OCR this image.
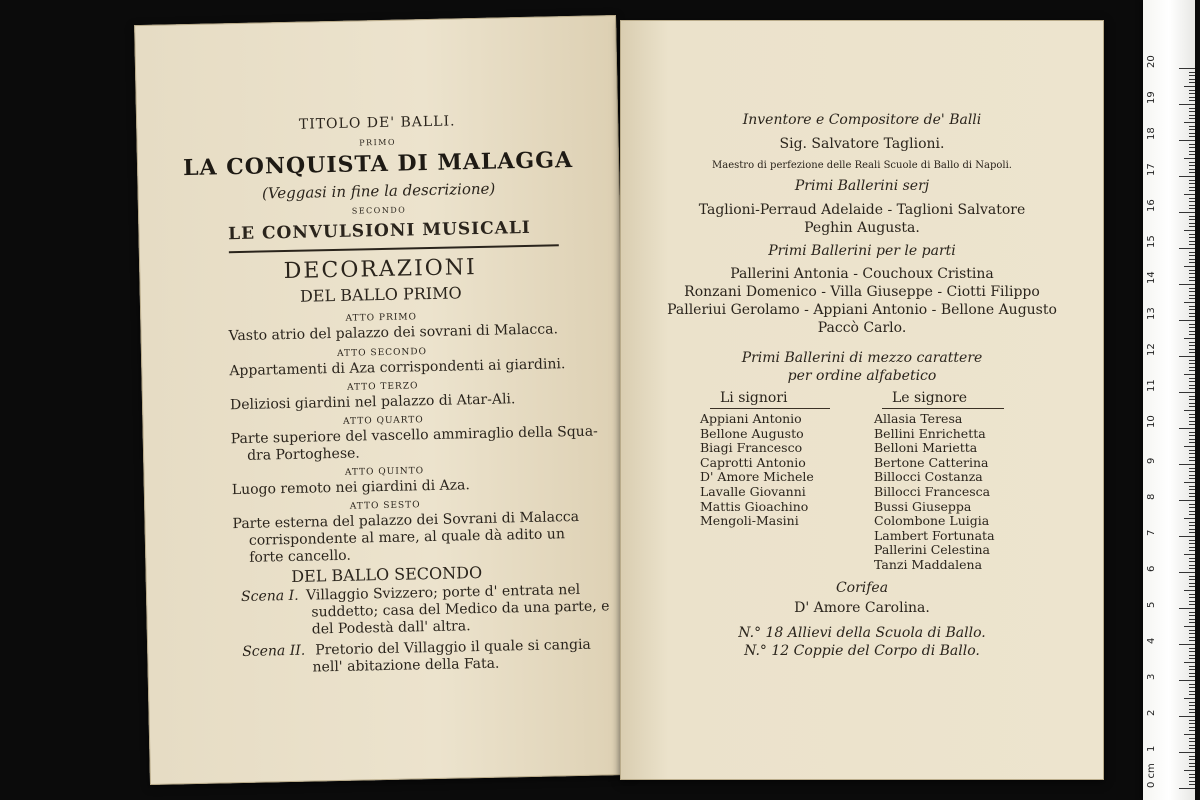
TITOLO DE' BALLI.
PRIMO
LA CONQUISTA DI MALAGGA
(Veggasi in fine la descrizione)
SECONDO
LE CONVULSIONI MUSICALI
DECORAZIONI
DEL BALLO PRIMO
ATTO PRIMO
Vasto atrio del palazzo dei sovrani di Malacca.
ATTO SECONDO
Appartamenti di Aza corrispondenti ai giardini.
ATTO TERZO
Deliziosi giardini nel palazzo di Atar-Ali.
ATTO QUARTO
Parte superiore del vascello ammiraglio della Squa-
dra Portoghese.
ATTO QUINTO
Luogo remoto nei giardini di Aza.
ATTO SESTO
Parte esterna del palazzo dei Sovrani di Malacca
corrispondente al mare, al quale dà adito un
forte cancello.
DEL BALLO SECONDO
Scena I. Villaggio Svizzero; porte d' entrata nel
suddetto; casa del Medico da una parte, e
del Podestà dall' altra.
Scena II. Pretorio del Villaggio il quale si cangia
nell' abitazione della Fata.
Inventore e Compositore de' Balli
Sig. Salvatore Taglioni.
Maestro di perfezione delle Reali Scuole di Ballo di Napoli.
Primi Ballerini serj
Taglioni-Perraud Adelaide - Taglioni Salvatore
Peghin Augusta.
Primi Ballerini per le parti
Pallerini Antonia - Couchoux Cristina
Ronzani Domenico - Villa Giuseppe - Ciotti Filippo
Palleriui Gerolamo - Appiani Antonio - Bellone Augusto
Paccò Carlo.
Primi Ballerini di mezzo carattere
per ordine alfabetico
Li signori	Le signore
Appiani Antonio
Bellone Augusto
Biagi Francesco
Caprotti Antonio
D' Amore Michele
Lavalle Giovanni
Mattis Gioachino
Mengoli-Masini
Allasia Teresa
Bellini Enrichetta
Belloni Marietta
Bertone Catterina
Billocci Costanza
Billocci Francesca
Bussi Giuseppa
Colombone Luigia
Lambert Fortunata
Pallerini Celestina
Tanzi Maddalena
Corifea
D' Amore Carolina.
N.° 18 Allievi della Scuola di Ballo.
N.° 12 Coppie del Corpo di Ballo.
0 cm
1
2
3
4
5
6
7
8
9
10
11
12
13
14
15
16
17
18
19
20
